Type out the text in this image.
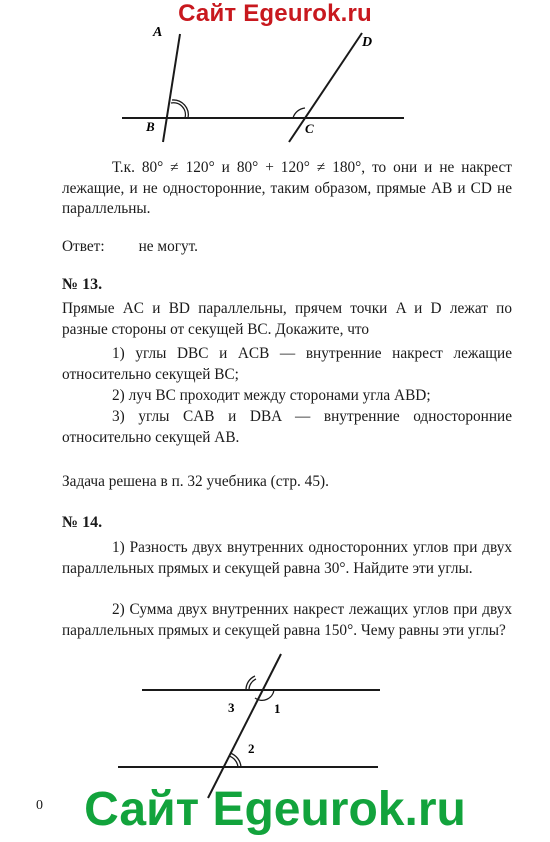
Сайт Egeurok.ru
A
B	C
D
Т.к. 80° ≠ 120° и 80° + 120° ≠ 180°, то они и не накрест лежащие, и не односторонние, таким образом, прямые AB и CD не параллельны.
Ответ: не могут.
№ 13.
Прямые AC и BD параллельны, прячем точки A и D лежат по разные стороны от секущей BC. Докажите, что
1) углы DBC и ACB — внутренние накрест лежащие относительно секущей BC;
2) луч BC проходит между сторонами угла ABD;
3) углы CAB и DBA — внутренние односторонние относительно секущей AB.
Задача решена в п. 32 учебника (стр. 45).
№ 14.
1) Разность двух внутренних односторонних углов при двух параллельных прямых и секущей равна 30°. Найдите эти углы.
2) Сумма двух внутренних накрест лежащих углов при двух параллельных прямых и секущей равна 150°. Чему равны эти углы?
3	1
2
Сайт Egeurok.ru
0
